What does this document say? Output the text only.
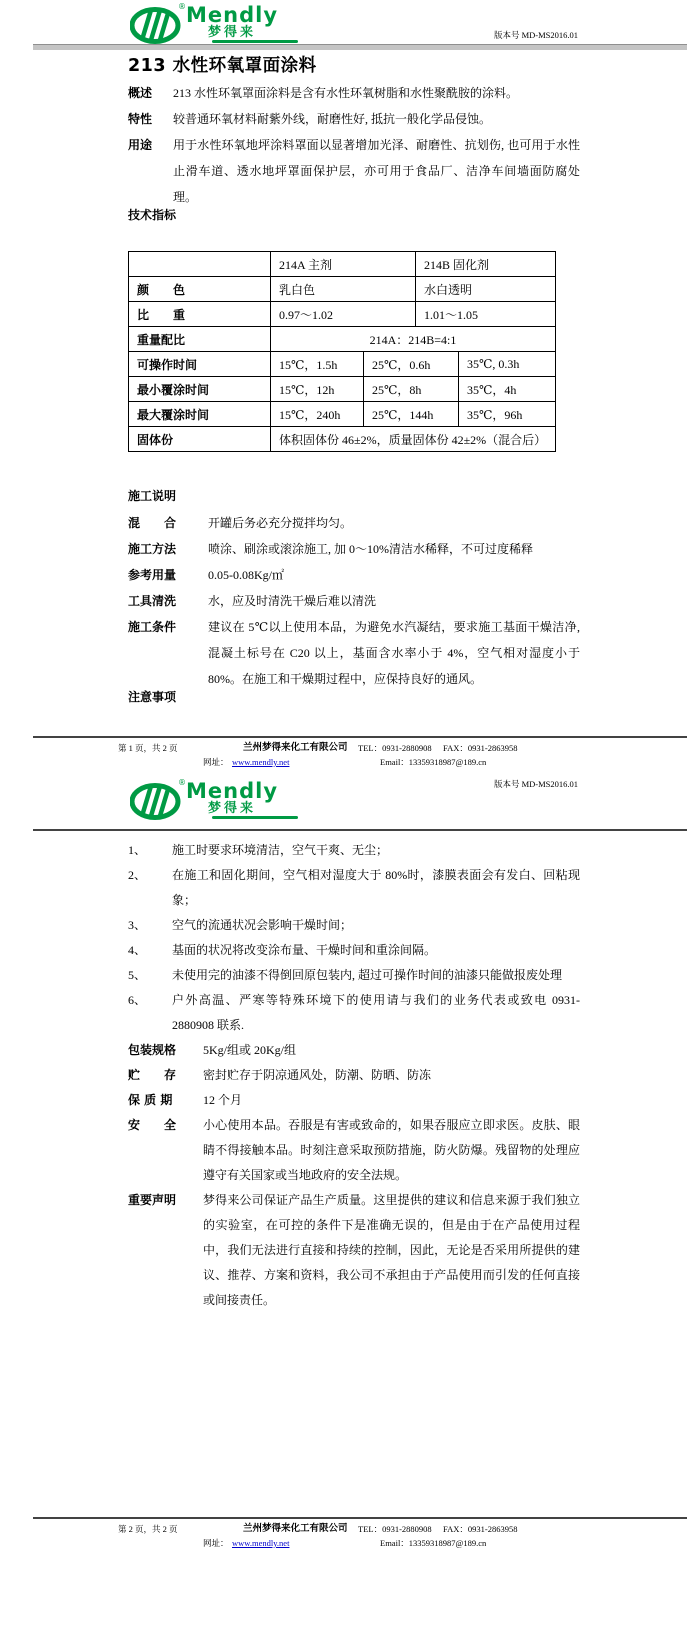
® Mendly
梦得来	版本号 MD-MS2016.01
213 水性环氧罩面涂料
概述	213 水性环氧罩面涂料是含有水性环氧树脂和水性聚酰胺的涂料。
特性	较普通环氧材料耐紫外线，耐磨性好, 抵抗一般化学品侵蚀。
用途	用于水性环氧地坪涂料罩面以显著增加光泽、耐磨性、抗划伤, 也可用于水性止滑车道、透水地坪罩面保护层，亦可用于食品厂、洁净车间墙面防腐处理。
技术指标
	214A 主剂		214B 固化剂	
颜　　色	乳白色		水白透明	
比　　重	0.97～1.02		1.01～1.05	
重量配比	214A：214B=4:1			
可操作时间	15℃，1.5h	25℃，0.6h		35℃, 0.3h
最小覆涂时间	15℃，12h	25℃，8h		35℃，4h
最大覆涂时间	15℃，240h	25℃，144h		35℃，96h
固体份	体积固体份 46±2%，质量固体份 42±2%（混合后）			
施工说明
混　　合	开罐后务必充分搅拌均匀。
施工方法	喷涂、刷涂或滚涂施工, 加 0～10%清洁水稀释，不可过度稀释
参考用量	0.05-0.08Kg/㎡
工具清洗	水，应及时清洗干燥后难以清洗
施工条件	建议在 5℃以上使用本品，为避免水汽凝结，要求施工基面干燥洁净, 混凝土标号在 C20 以上，基面含水率小于 4%，空气相对湿度小于 80%。在施工和干燥期过程中，应保持良好的通风。
注意事项
第 1 页，共 2 页	兰州梦得来化工有限公司 TEL：0931-2880908 FAX：0931-2863958
网址： www.mendly.net	Email：13359318987@189.cn
® Mendly
梦得来
版本号 MD-MS2016.01
1、	施工时要求环境清洁，空气干爽、无尘；
2、	在施工和固化期间，空气相对湿度大于 80%时，漆膜表面会有发白、回粘现象；
3、	空气的流通状况会影响干燥时间；
4、	基面的状况将改变涂布量、干燥时间和重涂间隔。
5、	未使用完的油漆不得倒回原包装内, 超过可操作时间的油漆只能做报废处理
6、	户外高温、严寒等特殊环境下的使用请与我们的业务代表或致电 0931-2880908 联系.
包装规格	5Kg/组或 20Kg/组
贮　　存	密封贮存于阴凉通风处，防潮、防晒、防冻
保 质 期	12 个月
安　　全	小心使用本品。吞服是有害或致命的，如果吞服应立即求医。皮肤、眼睛不得接触本品。时刻注意采取预防措施，防火防爆。残留物的处理应遵守有关国家或当地政府的安全法规。
重要声明	梦得来公司保证产品生产质量。这里提供的建议和信息来源于我们独立的实验室，在可控的条件下是准确无误的，但是由于在产品使用过程中，我们无法进行直接和持续的控制，因此，无论是否采用所提供的建议、推荐、方案和资料，我公司不承担由于产品使用而引发的任何直接或间接责任。
第 2 页，共 2 页	兰州梦得来化工有限公司 TEL：0931-2880908 FAX：0931-2863958
网址： www.mendly.net	Email：13359318987@189.cn
